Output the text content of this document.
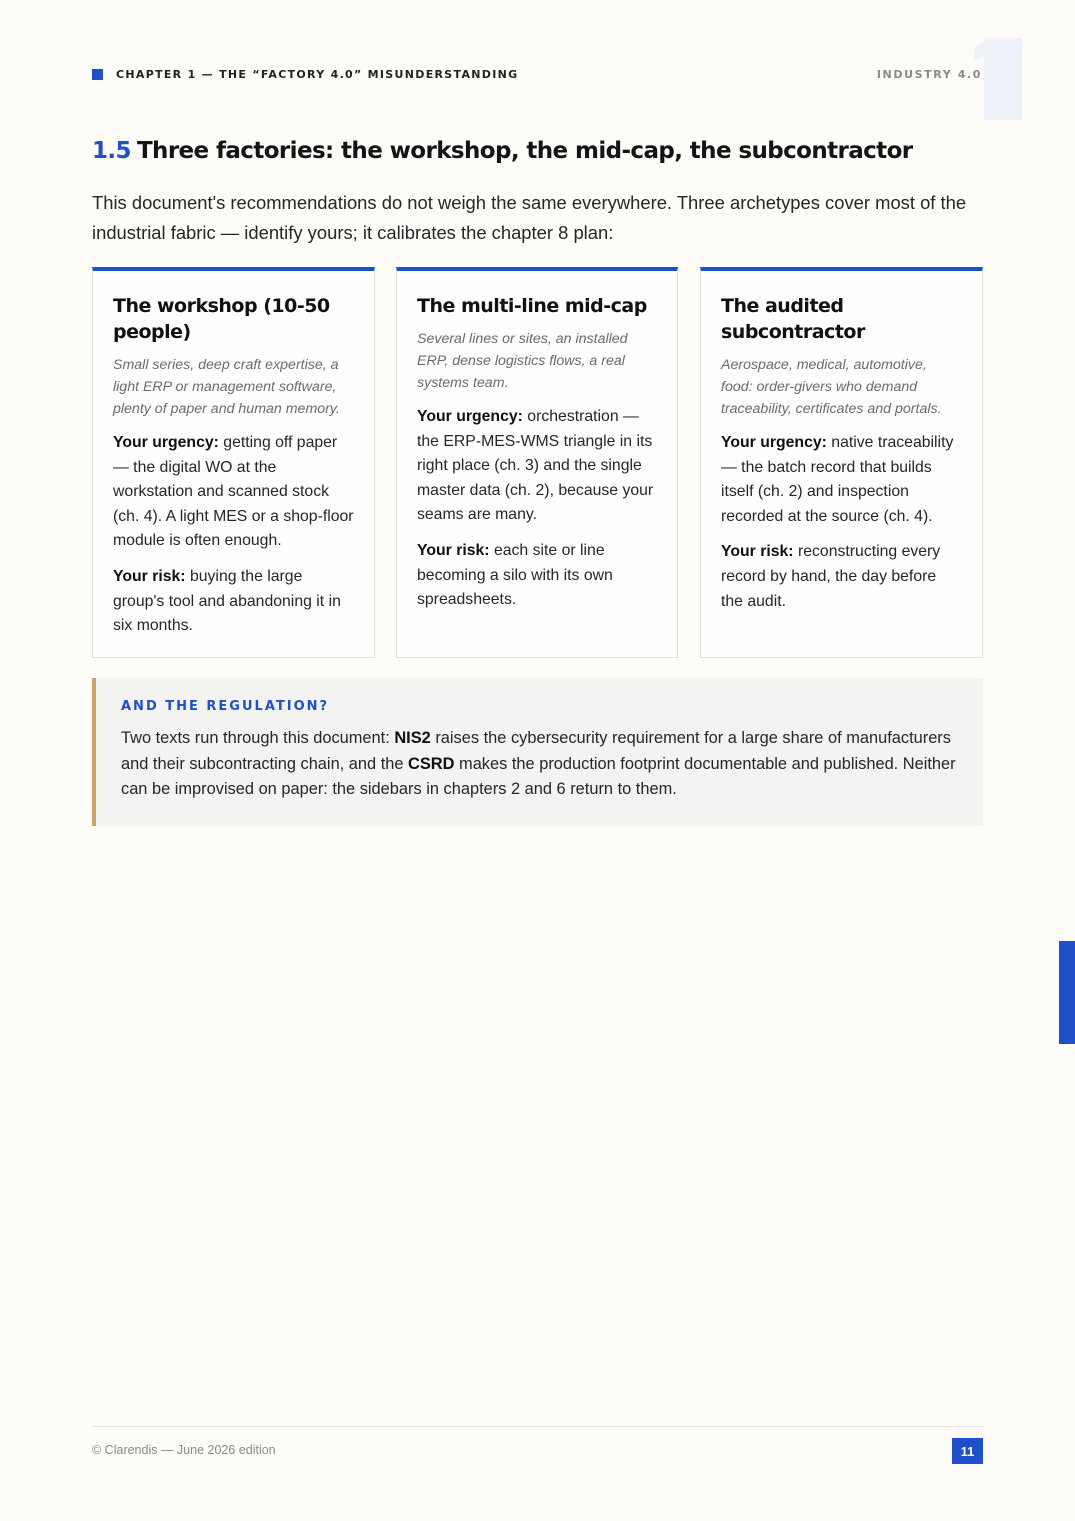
CHAPTER 1 — THE “FACTORY 4.0” MISUNDERSTANDING	INDUSTRY 4.0
1.5 Three factories: the workshop, the mid-cap, the subcontractor

This document's recommendations do not weigh the same everywhere. Three archetypes cover most of the industrial fabric — identify yours; it calibrates the chapter 8 plan:

The workshop (10-50 people)
Small series, deep craft expertise, a light ERP or management software, plenty of paper and human memory.
Your urgency: getting off paper — the digital WO at the workstation and scanned stock (ch. 4). A light MES or a shop-floor module is often enough.
Your risk: buying the large group's tool and abandoning it in six months.
The multi-line mid-cap
Several lines or sites, an installed ERP, dense logistics flows, a real systems team.
Your urgency: orchestration — the ERP-MES-WMS triangle in its right place (ch. 3) and the single master data (ch. 2), because your seams are many.
Your risk: each site or line becoming a silo with its own spreadsheets.
The audited subcontractor
Aerospace, medical, automotive, food: order-givers who demand traceability, certificates and portals.
Your urgency: native traceability — the batch record that builds itself (ch. 2) and inspection recorded at the source (ch. 4).
Your risk: reconstructing every record by hand, the day before the audit.
AND THE REGULATION?

Two texts run through this document: NIS2 raises the cybersecurity requirement for a large share of manufacturers and their subcontracting chain, and the CSRD makes the production footprint documentable and published. Neither can be improvised on paper: the sidebars in chapters 2 and 6 return to them.

© Clarendis — June 2026 edition	11
